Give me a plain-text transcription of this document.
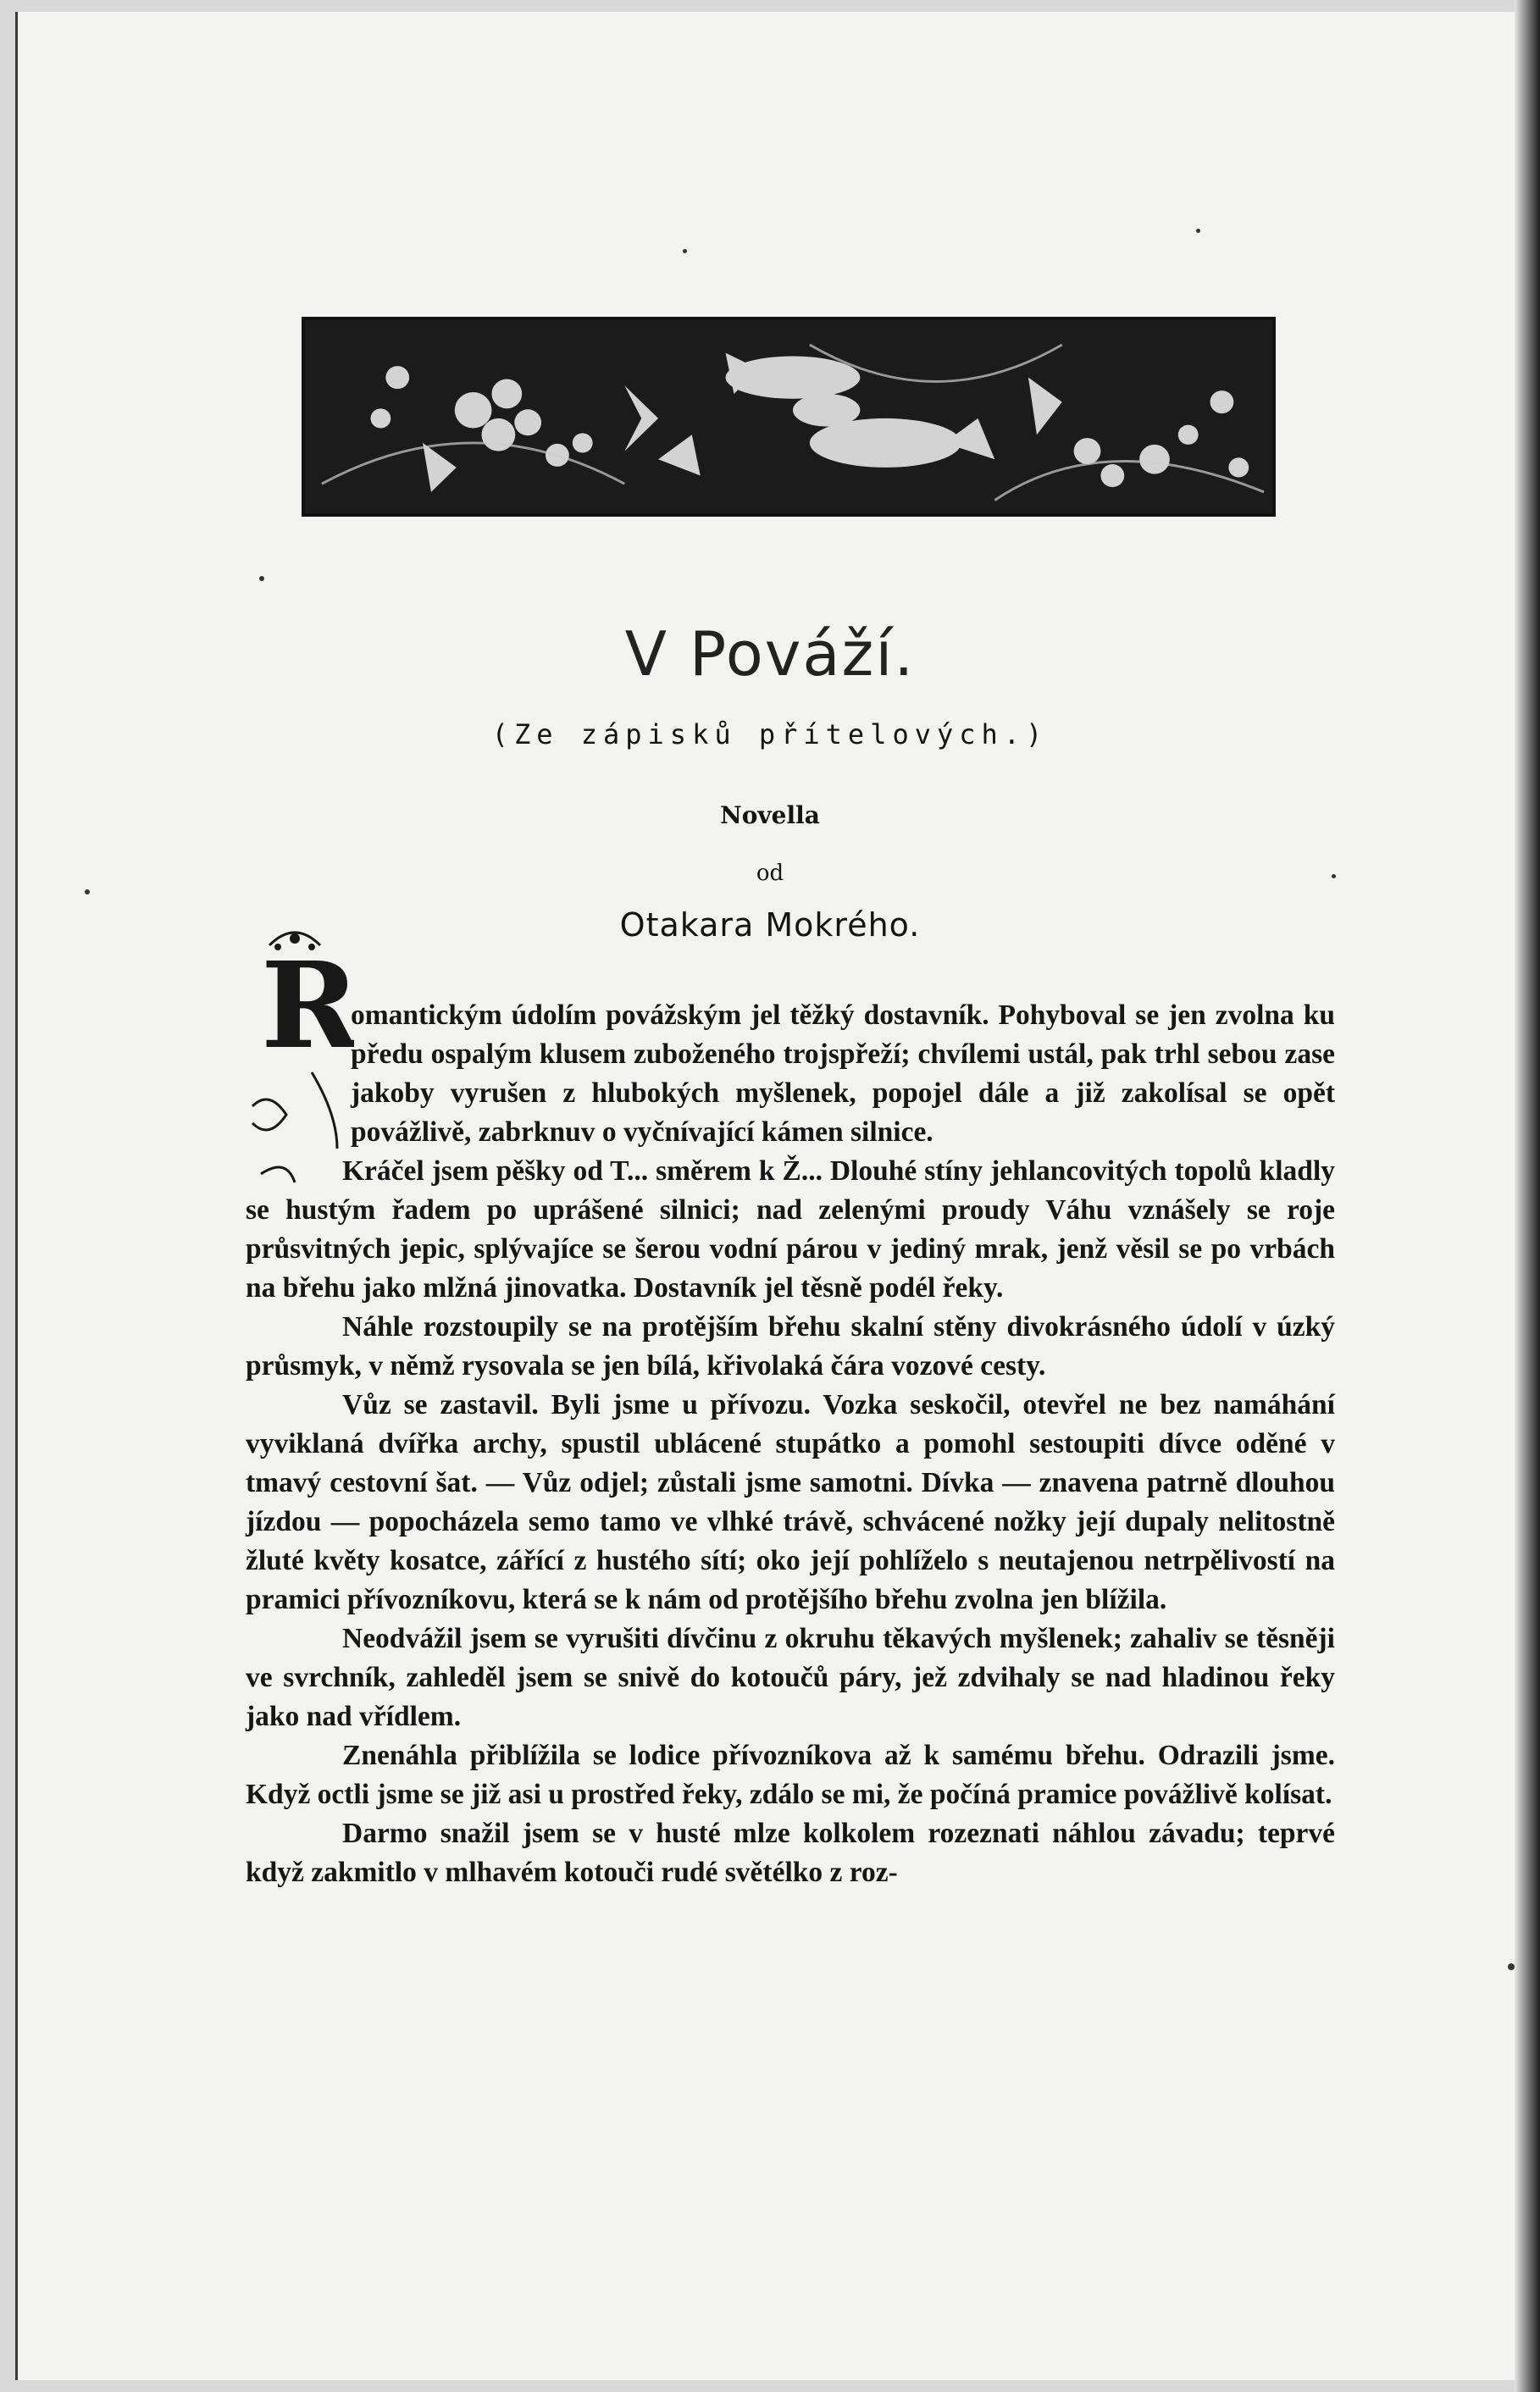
V Pováží.
(Ze zápisků přítelových.)
Novella
od
Otakara Mokrého.
R

omantickým údolím povážským jel těžký dostavník. Pohyboval se jen zvolna ku předu ospalým klusem zuboženého trojspřeží; chvílemi ustál, pak trhl sebou zase jakoby vyrušen z hlubokých myšlenek, popojel dále a již zakolísal se opět povážlivě, zabrknuv o vyčnívající kámen silnice.

Kráčel jsem pěšky od T... směrem k Ž... Dlouhé stíny jehlancovitých topolů kladly se hustým řadem po uprášené silnici; nad zelenými proudy Váhu vznášely se roje průsvitných jepic, splývajíce se šerou vodní párou v jediný mrak, jenž věsil se po vrbách na břehu jako mlžná jinovatka. Dostavník jel těsně podél řeky.

Náhle rozstoupily se na protějším břehu skalní stěny divokrásného údolí v úzký průsmyk, v němž rysovala se jen bílá, křivolaká čára vozové cesty.

Vůz se zastavil. Byli jsme u přívozu. Vozka seskočil, otevřel ne bez namáhání vyviklaná dvířka archy, spustil ublácené stupátko a pomohl sestoupiti dívce oděné v tmavý cestovní šat. — Vůz odjel; zůstali jsme samotni. Dívka — znavena patrně dlouhou jízdou — popocházela semo tamo ve vlhké trávě, schvácené nožky její dupaly nelitostně žluté květy kosatce, zářící z hustého sítí; oko její pohlíželo s neutajenou netrpělivostí na pramici přívozníkovu, která se k nám od protějšího břehu zvolna jen blížila.

Neodvážil jsem se vyrušiti dívčinu z okruhu těkavých myšlenek; zahaliv se těsněji ve svrchník, zahleděl jsem se snivě do kotoučů páry, jež zdvihaly se nad hladinou řeky jako nad vřídlem.

Znenáhla přiblížila se lodice přívozníkova až k samému břehu. Odrazili jsme. Když octli jsme se již asi u prostřed řeky, zdálo se mi, že počíná pramice povážlivě kolísat.

Darmo snažil jsem se v husté mlze kolkolem rozeznati náhlou závadu; teprvé když zakmitlo v mlhavém kotouči rudé světélko z roz-
